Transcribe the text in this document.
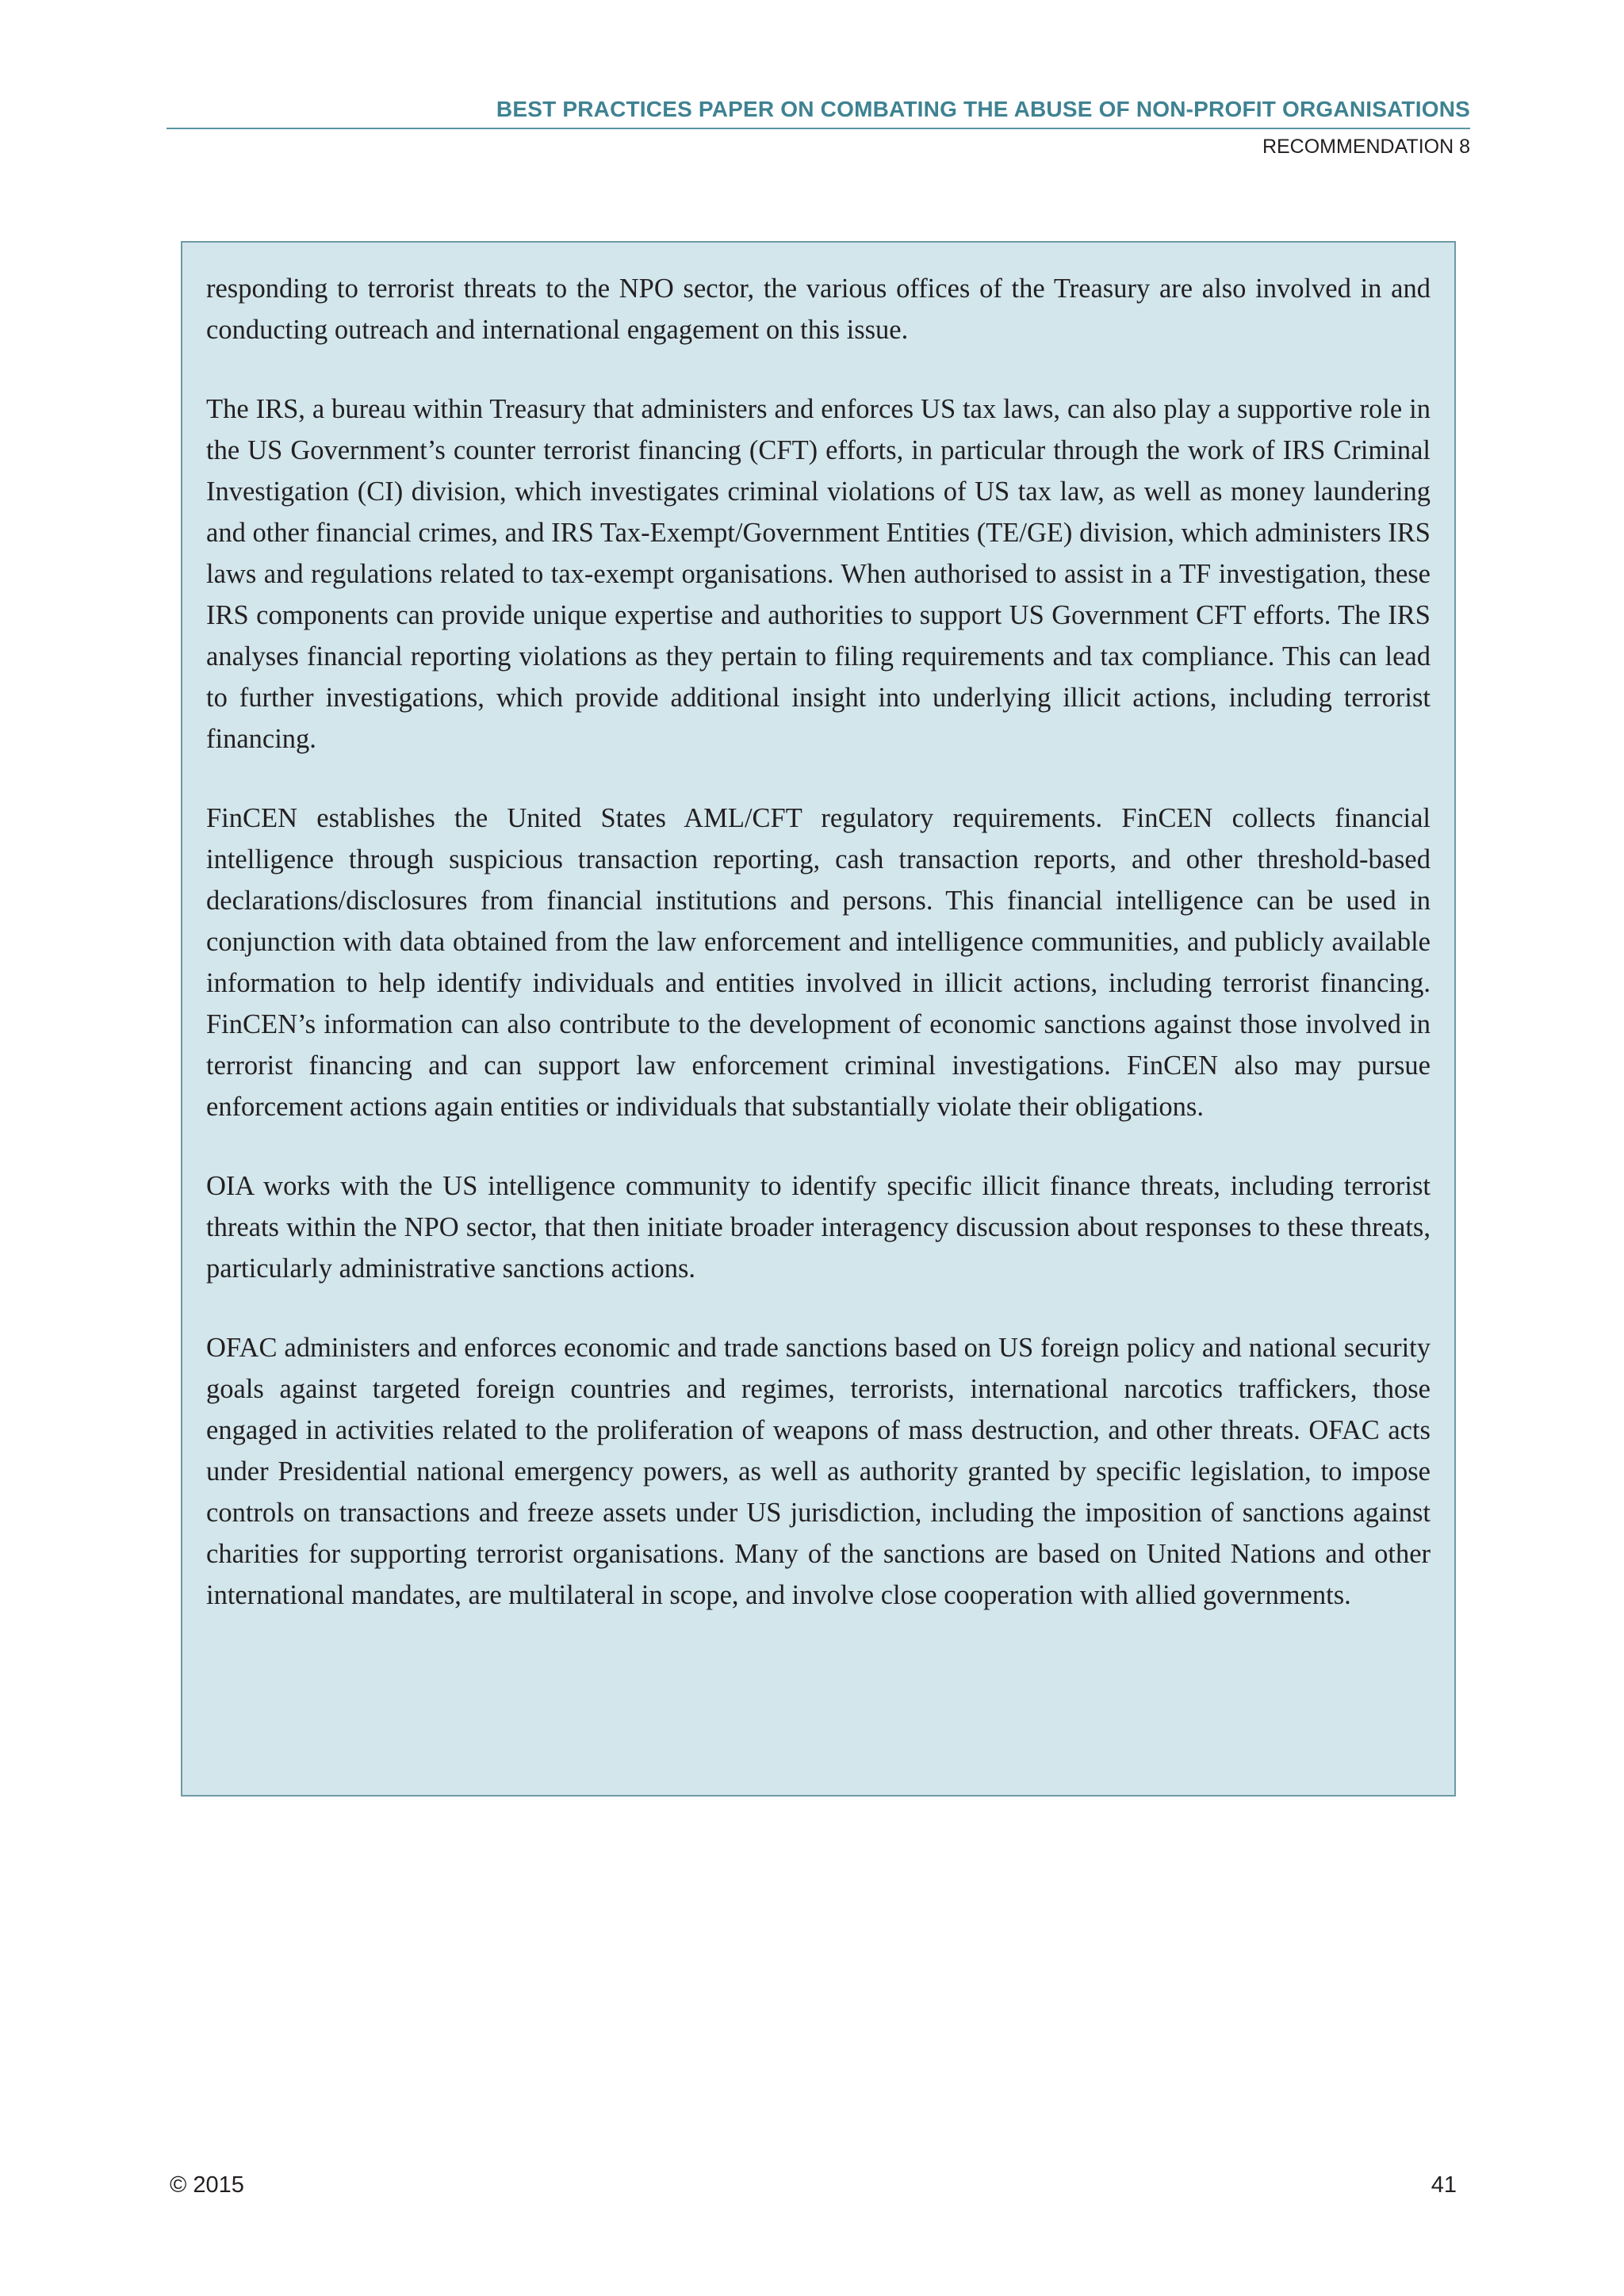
BEST PRACTICES PAPER ON COMBATING THE ABUSE OF NON-PROFIT ORGANISATIONS
RECOMMENDATION 8

responding to terrorist threats to the NPO sector, the various offices of the Treasury are also involved in and conducting outreach and international engagement on this issue.

The IRS, a bureau within Treasury that administers and enforces US tax laws, can also play a supportive role in the US Government’s counter terrorist financing (CFT) efforts, in particular through the work of IRS Criminal Investigation (CI) division, which investigates criminal violations of US tax law, as well as money laundering and other financial crimes, and IRS Tax-Exempt/Government Entities (TE/GE) division, which administers IRS laws and regulations related to tax-exempt organisations. When authorised to assist in a TF investigation, these IRS components can provide unique expertise and authorities to support US Government CFT efforts. The IRS analyses financial reporting violations as they pertain to filing requirements and tax compliance. This can lead to further investigations, which provide additional insight into underlying illicit actions, including terrorist financing.

FinCEN establishes the United States AML/CFT regulatory requirements. FinCEN collects financial intelligence through suspicious transaction reporting, cash transaction reports, and other threshold-based declarations/disclosures from financial institutions and persons. This financial intelligence can be used in conjunction with data obtained from the law enforcement and intelligence communities, and publicly available information to help identify individuals and entities involved in illicit actions, including terrorist financing. FinCEN’s information can also contribute to the development of economic sanctions against those involved in terrorist financing and can support law enforcement criminal investigations. FinCEN also may pursue enforcement actions again entities or individuals that substantially violate their obligations.

OIA works with the US intelligence community to identify specific illicit finance threats, including terrorist threats within the NPO sector, that then initiate broader interagency discussion about responses to these threats, particularly administrative sanctions actions.

OFAC administers and enforces economic and trade sanctions based on US foreign policy and national security goals against targeted foreign countries and regimes, terrorists, international narcotics traffickers, those engaged in activities related to the proliferation of weapons of mass destruction, and other threats. OFAC acts under Presidential national emergency powers, as well as authority granted by specific legislation, to impose controls on transactions and freeze assets under US jurisdiction, including the imposition of sanctions against charities for supporting terrorist organisations. Many of the sanctions are based on United Nations and other international mandates, are multilateral in scope, and involve close cooperation with allied governments.

© 2015	41
